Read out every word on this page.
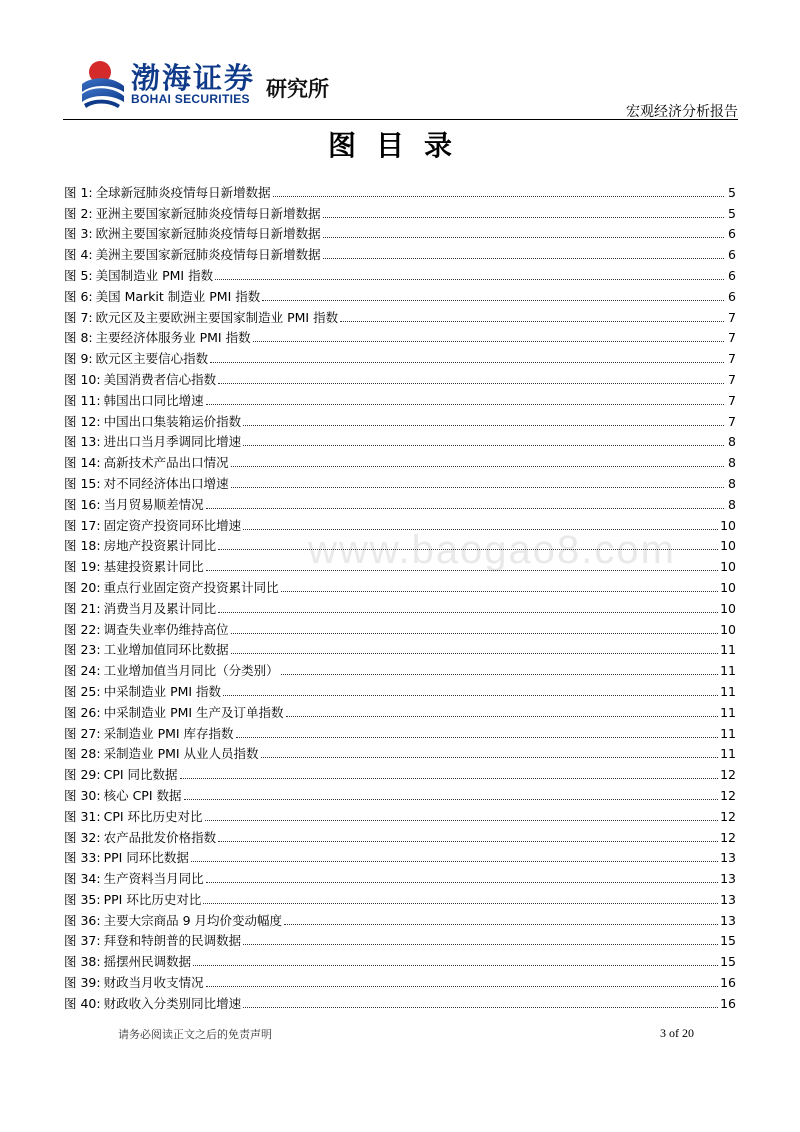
渤海证券
BOHAI SECURITIES 研究所
宏观经济分析报告
图目录
www.baogao8.com
图 1: 全球新冠肺炎疫情每日新增数据	5
图 2: 亚洲主要国家新冠肺炎疫情每日新增数据	5
图 3: 欧洲主要国家新冠肺炎疫情每日新增数据	6
图 4: 美洲主要国家新冠肺炎疫情每日新增数据	6
图 5: 美国制造业 PMI 指数	6
图 6: 美国 Markit 制造业 PMI 指数	6
图 7: 欧元区及主要欧洲主要国家制造业 PMI 指数	7
图 8: 主要经济体服务业 PMI 指数	7
图 9: 欧元区主要信心指数	7
图 10: 美国消费者信心指数	7
图 11: 韩国出口同比增速	7
图 12: 中国出口集装箱运价指数	7
图 13: 进出口当月季调同比增速	8
图 14: 高新技术产品出口情况	8
图 15: 对不同经济体出口增速	8
图 16: 当月贸易顺差情况	8
图 17: 固定资产投资同环比增速	10
图 18: 房地产投资累计同比	10
图 19: 基建投资累计同比	10
图 20: 重点行业固定资产投资累计同比	10
图 21: 消费当月及累计同比	10
图 22: 调查失业率仍维持高位	10
图 23: 工业增加值同环比数据	11
图 24: 工业增加值当月同比（分类别）	11
图 25: 中采制造业 PMI 指数	11
图 26: 中采制造业 PMI 生产及订单指数	11
图 27: 采制造业 PMI 库存指数	11
图 28: 采制造业 PMI 从业人员指数	11
图 29: CPI 同比数据	12
图 30: 核心 CPI 数据	12
图 31: CPI 环比历史对比	12
图 32: 农产品批发价格指数	12
图 33: PPI 同环比数据	13
图 34: 生产资料当月同比	13
图 35: PPI 环比历史对比	13
图 36: 主要大宗商品 9 月均价变动幅度	13
图 37: 拜登和特朗普的民调数据	15
图 38: 摇摆州民调数据	15
图 39: 财政当月收支情况	16
图 40: 财政收入分类别同比增速	16
请务必阅读正文之后的免责声明	3 of 20
